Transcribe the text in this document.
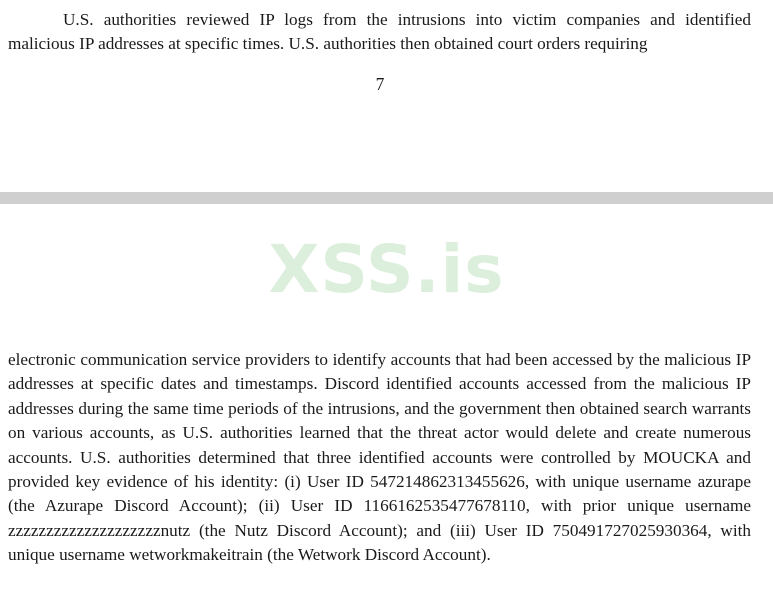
U.S. authorities reviewed IP logs from the intrusions into victim companies and identified malicious IP addresses at specific times. U.S. authorities then obtained court orders requiring

7
XSS.is

electronic communication service providers to identify accounts that had been accessed by the malicious IP addresses at specific dates and timestamps. Discord identified accounts accessed from the malicious IP addresses during the same time periods of the intrusions, and the government then obtained search warrants on various accounts, as U.S. authorities learned that the threat actor would delete and create numerous accounts. U.S. authorities determined that three identified accounts were controlled by MOUCKA and provided key evidence of his identity: (i) User ID 547214862313455626, with unique username azurape (the Azurape Discord Account); (ii) User ID 1166162535477678110, with prior unique username zzzzzzzzzzzzzzzzzzzznutz (the Nutz Discord Account); and (iii) User ID 750491727025930364, with unique username wetworkmakeitrain (the Wetwork Discord Account).
